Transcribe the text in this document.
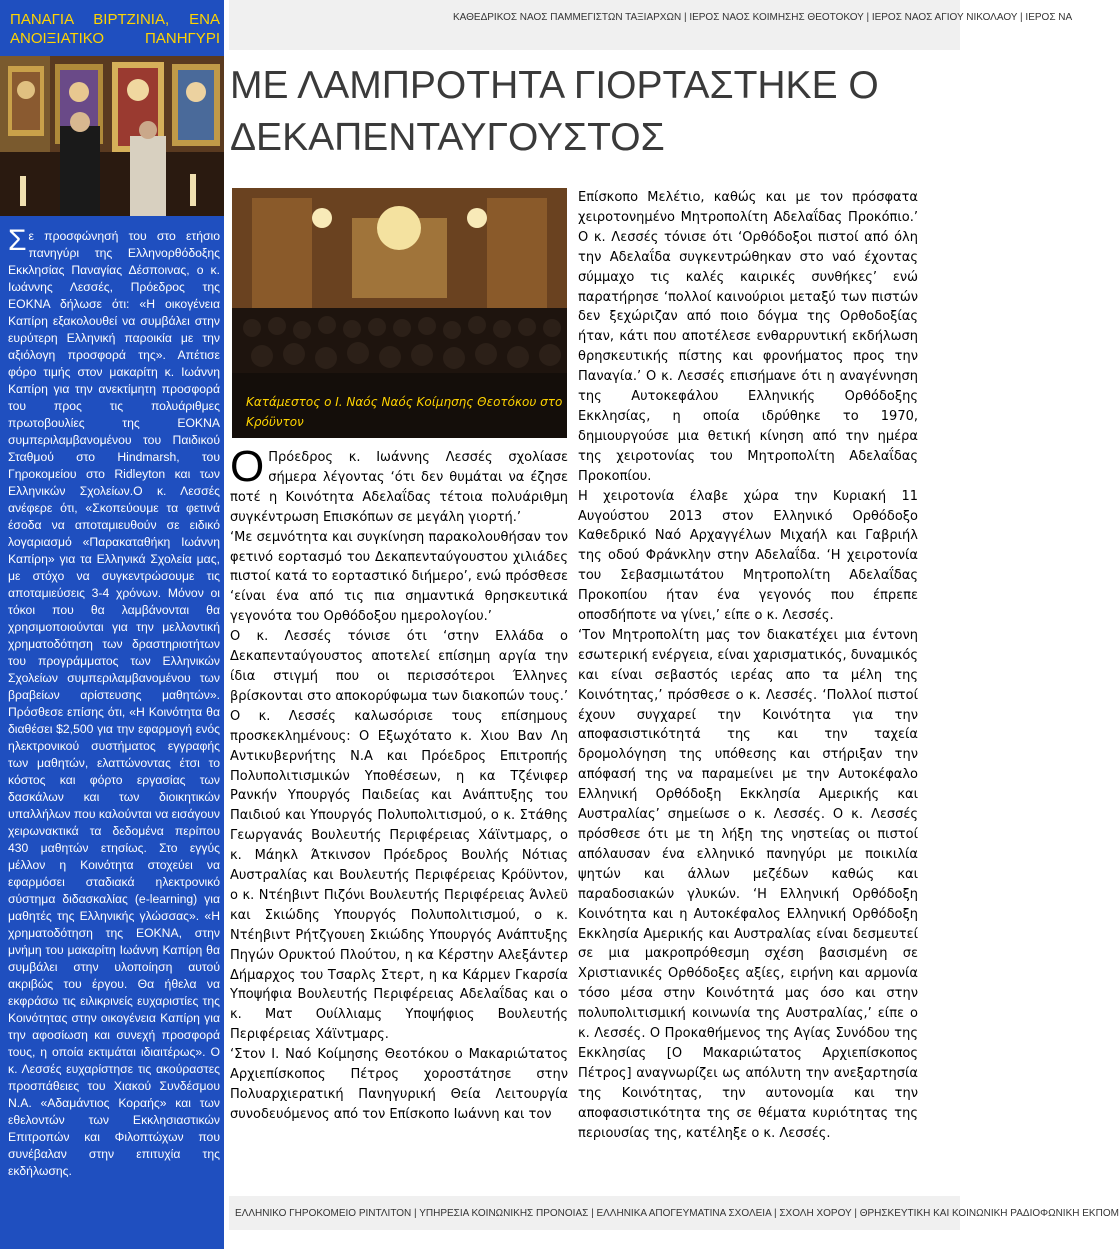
ΠΑΝΑΓΙΑ ΒΙΡΤΖΙΝΙΑ, ΕΝΑ ΑΝΟΙΞΙΑΤΙΚΟ ΠΑΝΗΓΥΡΙ

Σε προσφώνησή του στο ετήσιο πανηγύρι της Ελληνορθόδοξης Εκκλησίας Παναγίας Δέσποινας, ο κ. Ιωάννης Λεσσές, Πρόεδρος της ΕΟΚΝΑ δήλωσε ότι: «Η οικογένεια Καπίρη εξακολουθεί να συμβάλει στην ευρύτερη Ελληνική παροικία με την αξιόλογη προσφορά της». Απέτισε φόρο τιμής στον μακαρίτη κ. Ιωάννη Καπίρη για την ανεκτίμητη προσφορά του προς τις πολυάριθμες πρωτοβουλίες της ΕΟΚΝΑ συμπεριλαμβανομένου του Παιδικού Σταθμού στο Hindmarsh, του Γηροκομείου στο Ridleyton και των Ελληνικών Σχολείων.Ο κ. Λεσσές ανέφερε ότι, «Σκοπεύουμε τα φετινά έσοδα να αποταμιευθούν σε ειδικό λογαριασμό «Παρακαταθήκη Ιωάννη Καπίρη» για τα Ελληνικά Σχολεία μας, με στόχο να συγκεντρώσουμε τις αποταμιεύσεις 3-4 χρόνων. Μόνον οι τόκοι που θα λαμβάνονται θα χρησιμοποιούνται για την μελλοντική χρηματοδότηση των δραστηριοτήτων του προγράμματος των Ελληνικών Σχολείων συμπεριλαμβανομένου των βραβείων αρίστευσης μαθητών». Πρόσθεσε επίσης ότι, «Η Κοινότητα θα διαθέσει $2,500 για την εφαρμογή ενός ηλεκτρονικού συστήματος εγγραφής των μαθητών, ελαττώνοντας έτσι το κόστος και φόρτο εργασίας των δασκάλων και των διοικητικών υπαλλήλων που καλούνται να εισάγουν χειρωνακτικά τα δεδομένα περίπου 430 μαθητών ετησίως. Στο εγγύς μέλλον η Κοινότητα στοχεύει να εφαρμόσει σταδιακά ηλεκτρονικό σύστημα διδασκαλίας (e-learning) για μαθητές της Ελληνικής γλώσσας». «Η χρηματοδότηση της ΕΟΚΝΑ, στην μνήμη του μακαρίτη Ιωάννη Καπίρη θα συμβάλει στην υλοποίηση αυτού ακριβώς του έργου. Θα ήθελα να εκφράσω τις ειλικρινείς ευχαριστίες της Κοινότητας στην οικογένεια Καπίρη για την αφοσίωση και συνεχή προσφορά τους, η οποία εκτιμάται ιδιαιτέρως». Ο κ. Λεσσές ευχαρίστησε τις ακούραστες προσπάθειες του Χιακού Συνδέσμου Ν.Α. «Αδαμάντιος Κοραής» και των εθελοντών των Εκκλησιαστικών Επιτροπών και Φιλοπτώχων που συνέβαλαν στην επιτυχία της εκδήλωσης.

ΚΑΘΕΔΡΙΚΟΣ ΝΑΟΣ ΠΑΜΜΕΓΙΣΤΩΝ ΤΑΞΙΑΡΧΩΝ | ΙΕΡΟΣ ΝΑΟΣ ΚΟΙΜΗΣΗΣ ΘΕΟΤΟΚΟΥ | ΙΕΡΟΣ ΝΑΟΣ ΑΓΙΟΥ ΝΙΚΟΛΑΟΥ | ΙΕΡΟΣ ΝΑ
ΜΕ ΛΑΜΠΡΟΤΗΤΑ ΓΙΟΡΤΑΣΤΗΚΕ Ο ΔΕΚΑΠΕΝΤΑΥΓΟΥΣΤΟΣ
Κατάμεστος ο Ι. Ναός Ναός Κοίμησης Θεοτόκου στο Κρόϋντον

Ο Πρόεδρος κ. Ιωάννης Λεσσές σχολίασε σήμερα λέγοντας ‘ότι δεν θυμάται να έζησε ποτέ η Κοινότητα Αδελαΐδας τέτοια πολυάριθμη συγκέντρωση Επισκόπων σε μεγάλη γιορτή.’

‘Με σεμνότητα και συγκίνηση παρακολουθήσαν τον φετινό εορτασμό του Δεκαπενταύγουστου χιλιάδες πιστοί κατά το εορταστικό διήμερο’, ενώ πρόσθεσε ‘είναι ένα από τις πια σημαντικά θρησκευτικά γεγονότα του Ορθόδοξου ημερολογίου.’

Ο κ. Λεσσές τόνισε ότι ‘στην Ελλάδα ο Δεκαπενταύγουστος αποτελεί επίσημη αργία την ίδια στιγμή που οι περισσότεροι Έλληνες βρίσκονται στο αποκορύφωμα των διακοπών τους.’ Ο κ. Λεσσές καλωσόρισε τους επίσημους προσκεκλημένους: Ο Εξωχότατο κ. Χιου Βαν Λη Αντικυβερνήτης Ν.Α και Πρόεδρος Επιτροπής Πολυπολιτισμικών Υποθέσεων, η κα Τζένιφερ Ρανκήν Υπουργός Παιδείας και Ανάπτυξης του Παιδιού και Υπουργός Πολυπολιτισμού, ο κ. Στάθης Γεωργανάς Βουλευτής Περιφέρειας Χάϊντμαρς, ο κ. Μάηκλ Άτκινσον Πρόεδρος Βουλής Νότιας Αυστραλίας και Βουλευτής Περιφέρειας Κρόϋντον, ο κ. Ντέηβιντ Πιζόνι Βουλευτής Περιφέρειας Άνλεϋ και Σκιώδης Υπουργός Πολυπολιτισμού, ο κ. Ντέηβιντ Ρήτζγουεη Σκιώδης Υπουργός Ανάπτυξης Πηγών Ορυκτού Πλούτου, η κα Κέρστην Αλεξάντερ Δήμαρχος του Τσαρλς Στερτ, η κα Κάρμεν Γκαρσία Υποψήφια Βουλευτής Περιφέρειας Αδελαΐδας και ο κ. Ματ Ουίλλιαμς Υποψήφιος Βουλευτής Περιφέρειας Χάϊντμαρς.

‘Στον Ι. Ναό Κοίμησης Θεοτόκου ο Μακαριώτατος Αρχιεπίσκοπος Πέτρος χοροστάτησε στην Πολυαρχιερατική Πανηγυρική Θεία Λειτουργία συνοδευόμενος από τον Επίσκοπο Ιωάννη και τον

Επίσκοπο Μελέτιο, καθώς και με τον πρόσφατα χειροτονημένο Μητροπολίτη Αδελαΐδας Προκόπιο.’ Ο κ. Λεσσές τόνισε ότι ‘Ορθόδοξοι πιστοί από όλη την Αδελαΐδα συγκεντρώθηκαν στο ναό έχοντας σύμμαχο τις καλές καιρικές συνθήκες’ ενώ παρατήρησε ‘πολλοί καινούριοι μεταξύ των πιστών δεν ξεχώριζαν από ποιο δόγμα της Ορθοδοξίας ήταν, κάτι που αποτέλεσε ενθαρρυντική εκδήλωση θρησκευτικής πίστης και φρονήματος προς την Παναγία.’ Ο κ. Λεσσές επισήμανε ότι η αναγέννηση της Αυτοκεφάλου Ελληνικής Ορθόδοξης Εκκλησίας, η οποία ιδρύθηκε το 1970, δημιουργούσε μια θετική κίνηση από την ημέρα της χειροτονίας του Μητροπολίτη Αδελαΐδας Προκοπίου.

Η χειροτονία έλαβε χώρα την Κυριακή 11 Αυγούστου 2013 στον Ελληνικό Ορθόδοξο Καθεδρικό Ναό Αρχαγγέλων Μιχαήλ και Γαβριήλ της οδού Φράνκλην στην Αδελαΐδα. ‘Η χειροτονία του Σεβασμιωτάτου Μητροπολίτη Αδελαΐδας Προκοπίου ήταν ένα γεγονός που έπρεπε οποσδήποτε να γίνει,’ είπε ο κ. Λεσσές.

‘Τον Μητροπολίτη μας τον διακατέχει μια έντονη εσωτερική ενέργεια, είναι χαρισματικός, δυναμικός και είναι σεβαστός ιερέας απο τα μέλη της Κοινότητας,’ πρόσθεσε ο κ. Λεσσές. ‘Πολλοί πιστοί έχουν συγχαρεί την Κοινότητα για την αποφασιστικότητά της και την ταχεία δρομολόγηση της υπόθεσης και στήριξαν την απόφασή της να παραμείνει με την Αυτοκέφαλο Ελληνική Ορθόδοξη Εκκλησία Αμερικής και Αυστραλίας’ σημείωσε ο κ. Λεσσές. Ο κ. Λεσσές πρόσθεσε ότι με τη λήξη της νηστείας οι πιστοί απόλαυσαν ένα ελληνικό πανηγύρι με ποικιλία ψητών και άλλων μεζέδων καθώς και παραδοσιακών γλυκών. ‘Η Ελληνική Ορθόδοξη Κοινότητα και η Αυτοκέφαλος Ελληνική Ορθόδοξη Εκκλησία Αμερικής και Αυστραλίας είναι δεσμευτεί σε μια μακροπρόθεσμη σχέση βασισμένη σε Χριστιανικές Ορθόδοξες αξίες, ειρήνη και αρμονία τόσο μέσα στην Κοινότητά μας όσο και στην πολυπολιτισμική κοινωνία της Αυστραλίας,’ είπε ο κ. Λεσσές. Ο Προκαθήμενος της Αγίας Συνόδου της Εκκλησίας [Ο Μακαριώτατος Αρχιεπίσκοπος Πέτρος] αναγνωρίζει ως απόλυτη την ανεξαρτησία της Κοινότητας, την αυτονομία και την αποφασιστικότητα της σε θέματα κυριότητας της περιουσίας της, κατέληξε ο κ. Λεσσές.

ΕΛΛΗΝΙΚΟ ΓΗΡΟΚΟΜΕΙΟ ΡΙΝΤΛΙΤΟΝ | ΥΠΗΡΕΣΙΑ ΚΟΙΝΩΝΙΚΗΣ ΠΡΟΝΟΙΑΣ | ΕΛΛΗΝΙΚΑ ΑΠΟΓΕΥΜΑΤΙΝΑ ΣΧΟΛΕΙΑ | ΣΧΟΛΗ ΧΟΡΟΥ | ΘΡΗΣΚΕΥΤΙΚΗ ΚΑΙ ΚΟΙΝΩΝΙΚΗ ΡΑΔΙΟΦΩΝΙΚΗ ΕΚΠΟΜ
